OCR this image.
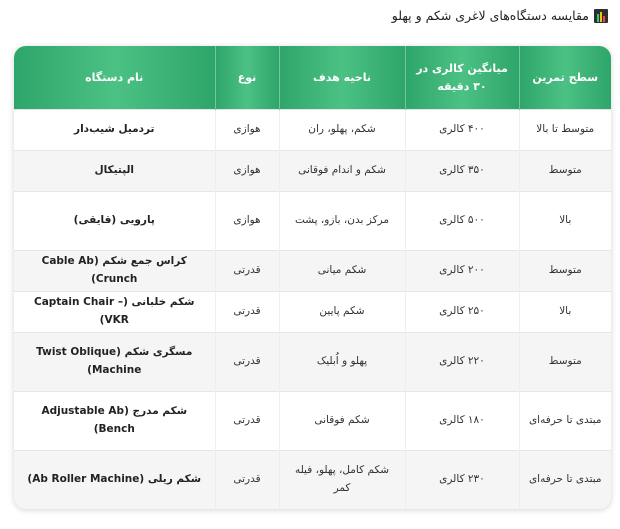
مقایسه دستگاه‌های لاغری شکم و پهلو
سطح تمرین	میانگین کالری در ۳۰ دقیقه	ناحیه هدف	نوع	نام دستگاه
متوسط تا بالا	۴۰۰ کالری	شکم، پهلو، ران	هوازی	تردمیل شیب‌دار
متوسط	۳۵۰ کالری	شکم و اندام فوقانی	هوازی	الپتیکال
بالا	۵۰۰ کالری	مرکز بدن، بازو، پشت	هوازی	پارویی (قایقی)
متوسط	۲۰۰ کالری	شکم میانی	قدرتی	کراس جمع شکم (Cable Ab Crunch)
بالا	۲۵۰ کالری	شکم پایین	قدرتی	شکم خلبانی (Captain Chair – VKR)
متوسط	۲۲۰ کالری	پهلو و اُبلیک	قدرتی	مسگری شکم (Twist Oblique Machine)
مبتدی تا حرفه‌ای	۱۸۰ کالری	شکم فوقانی	قدرتی	شکم مدرج (Adjustable Ab Bench)
مبتدی تا حرفه‌ای	۲۳۰ کالری	شکم کامل، پهلو، فیله کمر	قدرتی	شکم ریلی (Ab Roller Machine)
